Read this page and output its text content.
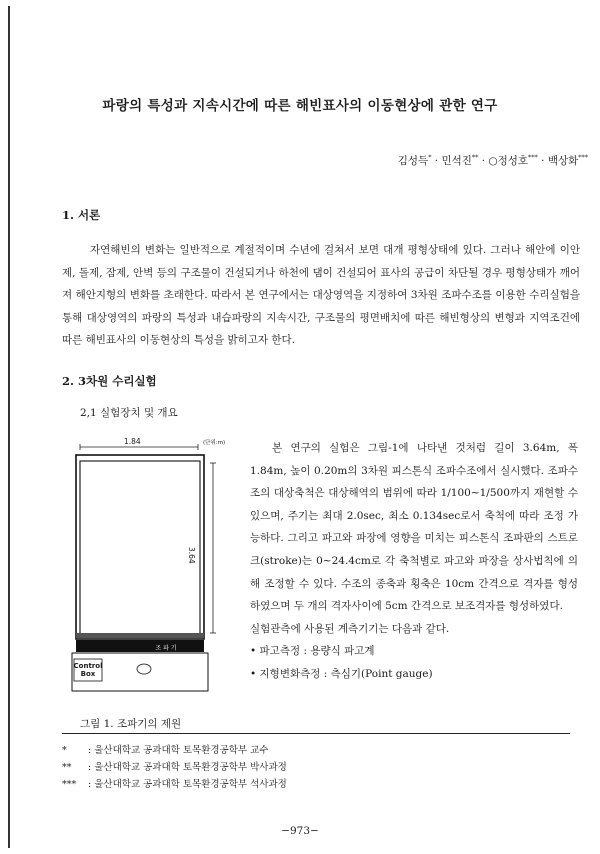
파랑의 특성과 지속시간에 따른 해빈표사의 이동현상에 관한 연구
김성득* · 민석진** · ○정성호*** · 백상화***
1. 서론
자연해빈의 변화는 일반적으로 계절적이며 수년에 걸쳐서 보면 대개 평형상태에 있다. 그러나 해안에 이안제, 돌제, 잠제, 안벽 등의 구조물이 건설되거나 하천에 댐이 건설되어 표사의 공급이 차단될 경우 평형상태가 깨어져 해안지형의 변화를 초래한다. 따라서 본 연구에서는 대상영역을 지정하여 3차원 조파수조를 이용한 수리실험을 통해 대상영역의 파랑의 특성과 내습파랑의 지속시간, 구조물의 평면배치에 따른 해빈형상의 변형과 지역조건에 따른 해빈표사의 이동현상의 특성을 밝히고자 한다.
2. 3차원 수리실험
2,1 실험장치 및 개요
1.84	(단위:m)
3.64
조 파 기
Control
Box

본 연구의 실험은 그림-1에 나타낸 것처럼 길이 3.64m, 폭 1.84m, 높이 0.20m의 3차원 피스톤식 조파수조에서 실시했다. 조파수조의 대상축척은 대상해역의 범위에 따라 1/100∼1/500까지 재현할 수 있으며, 주기는 최대 2.0sec, 최소 0.134sec로서 축척에 따라 조정 가능하다. 그리고 파고와 파장에 영향을 미치는 피스톤식 조파판의 스트로크(stroke)는 0∼24.4cm로 각 축척별로 파고와 파장을 상사법칙에 의해 조정할 수 있다. 수조의 종축과 횡축은 10cm 간격으로 격자를 형성하였으며 두 개의 격자사이에 5cm 간격으로 보조격자를 형성하였다.

실험관측에 사용된 계측기기는 다음과 같다.

• 파고측정 : 용량식 파고계

• 지형변화측정 : 측심기(Point gauge)

그림 1. 조파기의 제원
* : 울산대학교 공과대학 토목환경공학부 교수
** : 울산대학교 공과대학 토목환경공학부 박사과정
*** : 울산대학교 공과대학 토목환경공학부 석사과정
−973−
